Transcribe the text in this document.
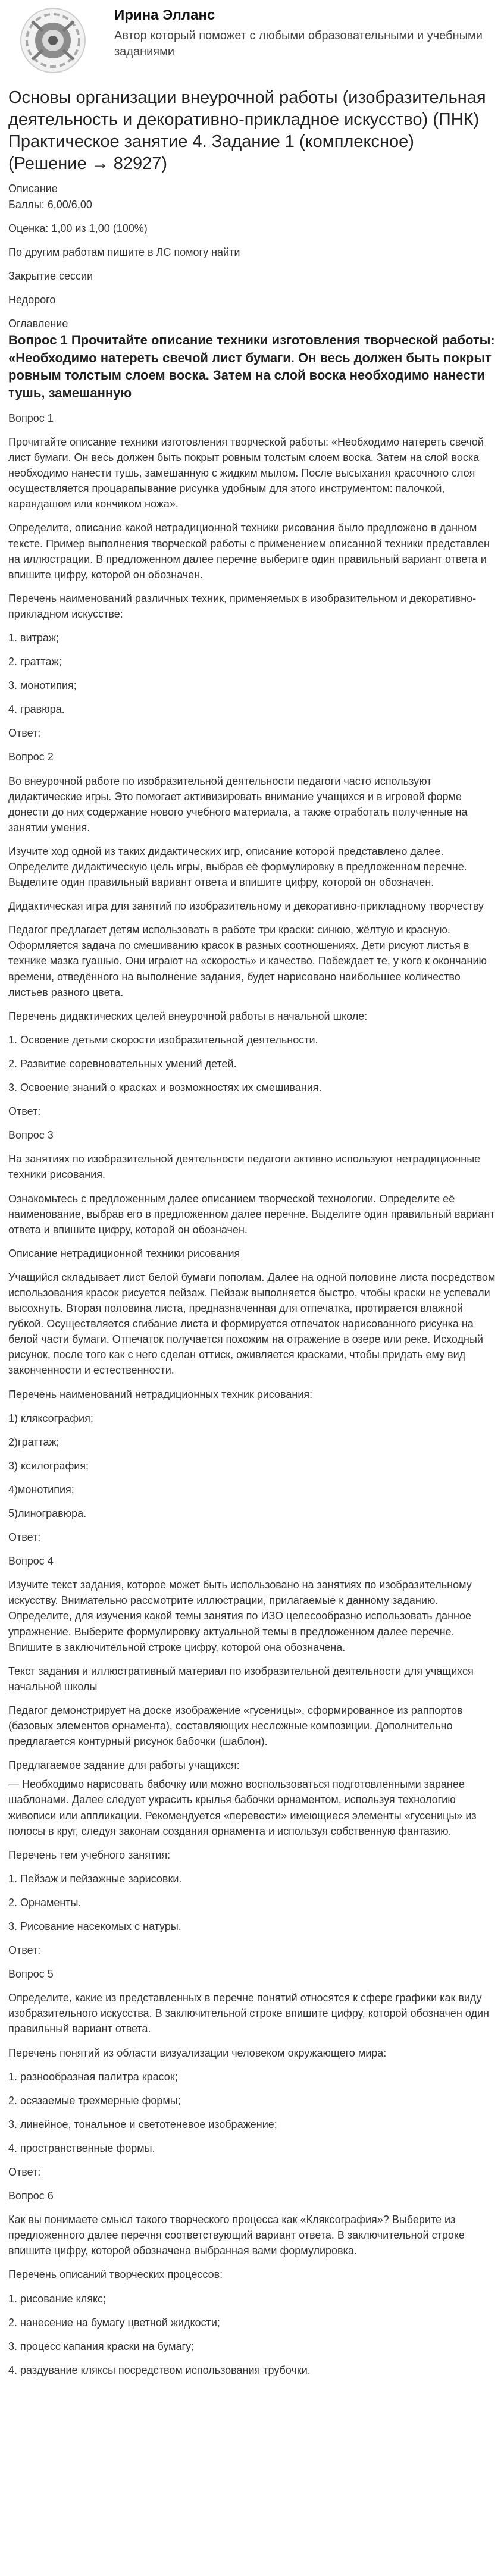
Ирина Элланс
Автор который поможет с любыми образовательными и учебными заданиями
Основы организации внеурочной работы (изобразительная деятельность и декоративно-прикладное искусство) (ПНК) Практическое занятие 4. Задание 1 (комплексное) (Решение → 82927)

Описание

Баллы: 6,00/6,00

Оценка: 1,00 из 1,00 (100%)

По другим работам пишите в ЛС помогу найти

Закрытие сессии

Недорого

Оглавление

Вопрос 1 Прочитайте описание техники изготовления творческой работы: «Необходимо натереть свечой лист бумаги. Он весь должен быть покрыт ровным толстым слоем воска. Затем на слой воска необходимо нанести тушь, замешанную

Вопрос 1

Прочитайте описание техники изготовления творческой работы: «Необходимо натереть свечой лист бумаги. Он весь должен быть покрыт ровным толстым слоем воска. Затем на слой воска необходимо нанести тушь, замешанную с жидким мылом. После высыхания красочного слоя осуществляется процарапывание рисунка удобным для этого инструментом: палочкой, карандашом или кончиком ножа».

Определите, описание какой нетрадиционной техники рисования было предложено в данном тексте. Пример выполнения творческой работы с применением описанной техники представлен на иллюстрации. В предложенном далее перечне выберите один правильный вариант ответа и впишите цифру, которой он обозначен.

Перечень наименований различных техник, применяемых в изобразительном и декоративно-прикладном искусстве:

1. витраж;

2. граттаж;

3. монотипия;

4. гравюра.

Ответ:

Вопрос 2

Во внеурочной работе по изобразительной деятельности педагоги часто используют дидактические игры. Это помогает активизировать внимание учащихся и в игровой форме донести до них содержание нового учебного материала, а также отработать полученные на занятии умения.

Изучите ход одной из таких дидактических игр, описание которой представлено далее. Определите дидактическую цель игры, выбрав её формулировку в предложенном перечне. Выделите один правильный вариант ответа и впишите цифру, которой он обозначен.

Дидактическая игра для занятий по изобразительному и декоративно-прикладному творчеству

Педагог предлагает детям использовать в работе три краски: синюю, жёлтую и красную. Оформляется задача по смешиванию красок в разных соотношениях. Дети рисуют листья в технике мазка гуашью. Они играют на «скорость» и качество. Побеждает те, у кого к окончанию времени, отведённого на выполнение задания, будет нарисовано наибольшее количество листьев разного цвета.

Перечень дидактических целей внеурочной работы в начальной школе:

1. Освоение детьми скорости изобразительной деятельности.

2. Развитие соревновательных умений детей.

3. Освоение знаний о красках и возможностях их смешивания.

Ответ:

Вопрос 3

На занятиях по изобразительной деятельности педагоги активно используют нетрадиционные техники рисования.

Ознакомьтесь с предложенным далее описанием творческой технологии. Определите её наименование, выбрав его в предложенном далее перечне. Выделите один правильный вариант ответа и впишите цифру, которой он обозначен.

Описание нетрадиционной техники рисования

Учащийся складывает лист белой бумаги пополам. Далее на одной половине листа посредством использования красок рисуется пейзаж. Пейзаж выполняется быстро, чтобы краски не успевали высохнуть. Вторая половина листа, предназначенная для отпечатка, протирается влажной губкой. Осуществляется сгибание листа и формируется отпечаток нарисованного рисунка на белой части бумаги. Отпечаток получается похожим на отражение в озере или реке. Исходный рисунок, после того как с него сделан оттиск, оживляется красками, чтобы придать ему вид законченности и естественности.

Перечень наименований нетрадиционных техник рисования:

1) кляксография;

2)граттаж;

3) ксилография;

4)монотипия;

5)линогравюра.

Ответ:

Вопрос 4

Изучите текст задания, которое может быть использовано на занятиях по изобразительному искусству. Внимательно рассмотрите иллюстрации, прилагаемые к данному заданию. Определите, для изучения какой темы занятия по ИЗО целесообразно использовать данное упражнение. Выберите формулировку актуальной темы в предложенном далее перечне. Впишите в заключительной строке цифру, которой она обозначена.

Текст задания и иллюстративный материал по изобразительной деятельности для учащихся начальной школы

Педагог демонстрирует на доске изображение «гусеницы», сформированное из раппортов (базовых элементов орнамента), составляющих несложные композиции. Дополнительно предлагается контурный рисунок бабочки (шаблон).

Предлагаемое задание для работы учащихся:

— Необходимо нарисовать бабочку или можно воспользоваться подготовленными заранее шаблонами. Далее следует украсить крылья бабочки орнаментом, используя технологию живописи или аппликации. Рекомендуется «перевести» имеющиеся элементы «гусеницы» из полосы в круг, следуя законам создания орнамента и используя собственную фантазию.

Перечень тем учебного занятия:

1. Пейзаж и пейзажные зарисовки.

2. Орнаменты.

3. Рисование насекомых с натуры.

Ответ:

Вопрос 5

Определите, какие из представленных в перечне понятий относятся к сфере графики как виду изобразительного искусства. В заключительной строке впишите цифру, которой обозначен один правильный вариант ответа.

Перечень понятий из области визуализации человеком окружающего мира:

1. разнообразная палитра красок;

2. осязаемые трехмерные формы;

3. линейное, тональное и светотеневое изображение;

4. пространственные формы.

Ответ:

Вопрос 6

Как вы понимаете смысл такого творческого процесса как «Кляксография»? Выберите из предложенного далее перечня соответствующий вариант ответа. В заключительной строке впишите цифру, которой обозначена выбранная вами формулировка.

Перечень описаний творческих процессов:

1. рисование клякс;

2. нанесение на бумагу цветной жидкости;

3. процесс капания краски на бумагу;

4. раздувание кляксы посредством использования трубочки.
